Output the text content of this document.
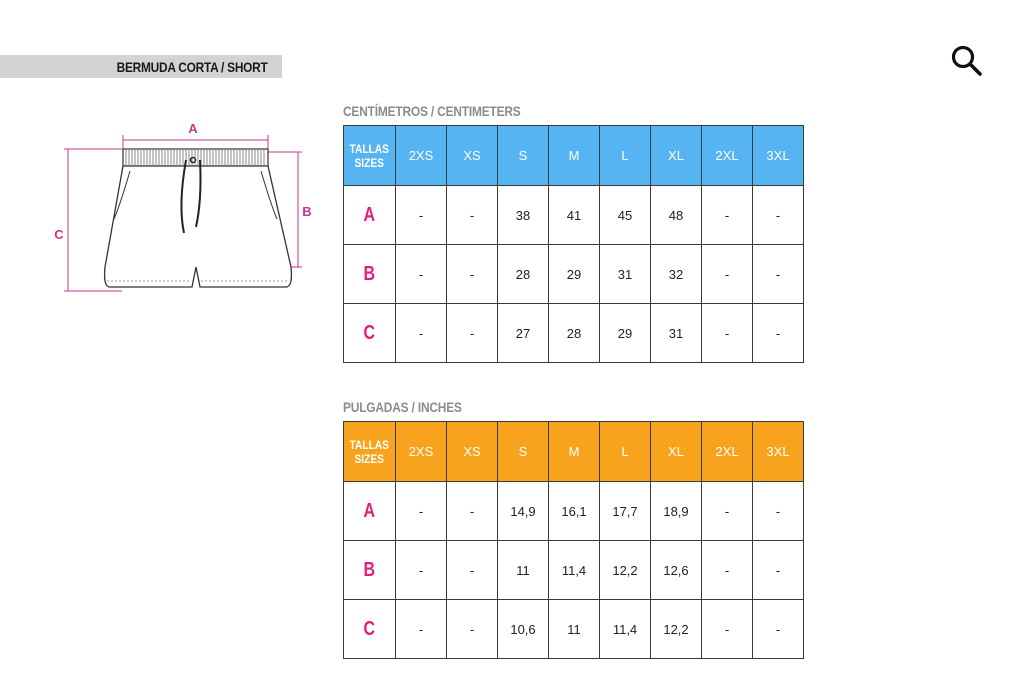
BERMUDA CORTA / SHORT
A
B
C
CENTÍMETROS / CENTIMETERS
TALLAS
SIZES	2XS	XS	S	M	L	XL	2XL	3XL
A	-	-	38	41	45	48	-	-
B	-	-	28	29	31	32	-	-
C	-	-	27	28	29	31	-	-
PULGADAS / INCHES
TALLAS
SIZES	2XS	XS	S	M	L	XL	2XL	3XL
A	-	-	14,9	16,1	17,7	18,9	-	-
B	-	-	11	11,4	12,2	12,6	-	-
C	-	-	10,6	11	11,4	12,2	-	-
